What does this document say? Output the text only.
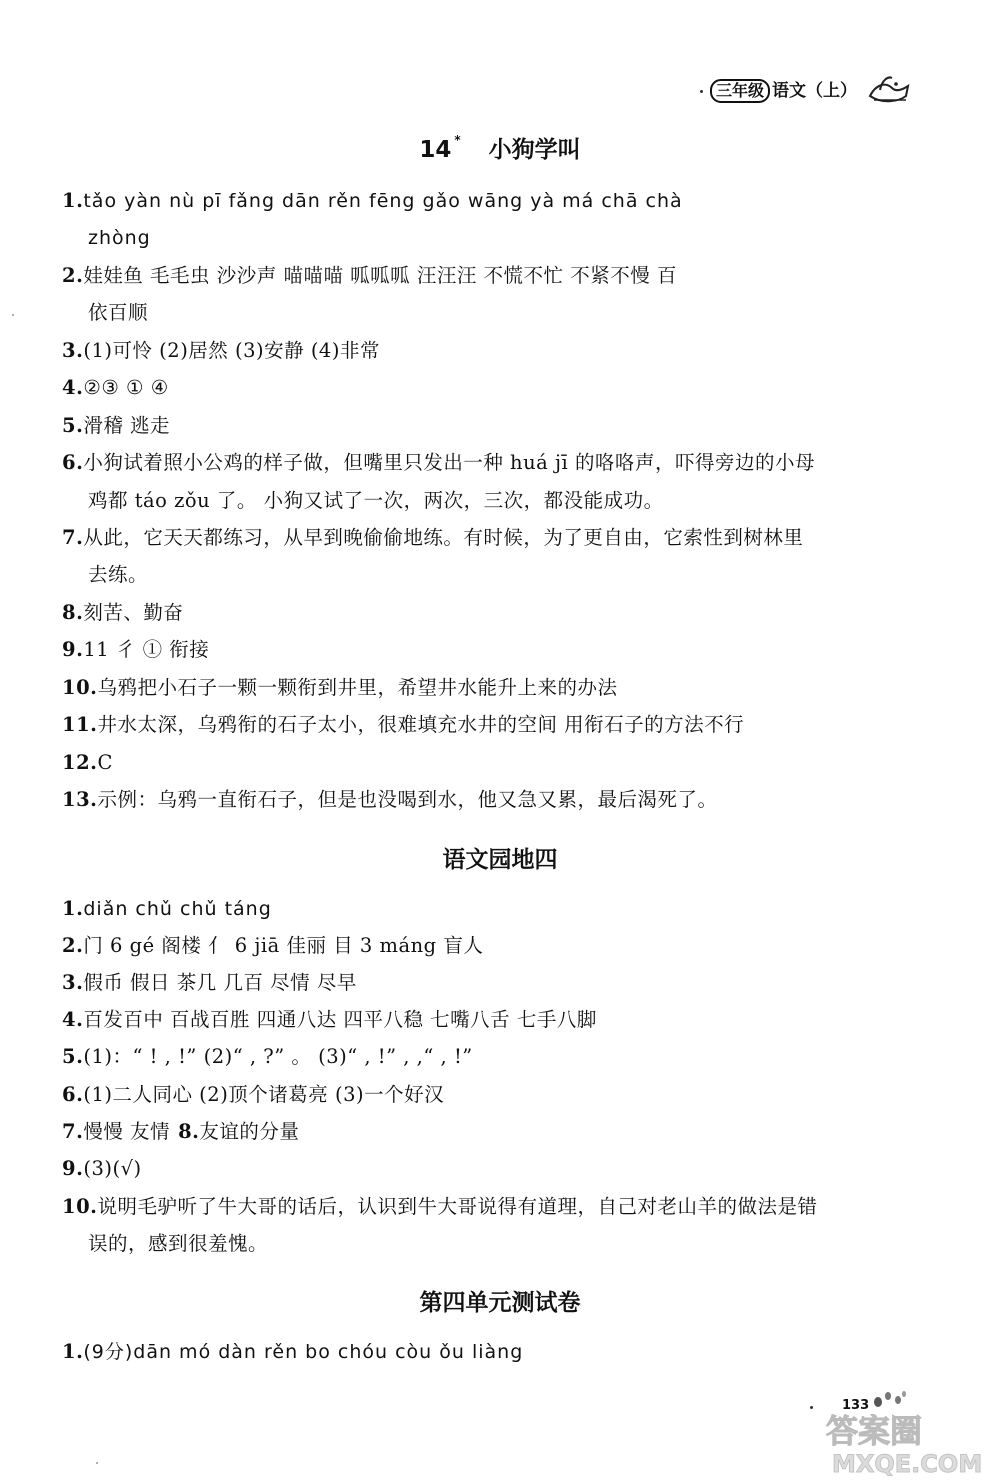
三年级 语文（上）
14 * 小狗学叫
1.tǎo yàn nù pī fǎng dān rěn fēng gǎo wāng yà má chā chà
zhòng
2.娃娃鱼 毛毛虫 沙沙声 喵喵喵 呱呱呱 汪汪汪 不慌不忙 不紧不慢 百
依百顺
3.(1)可怜 (2)居然 (3)安静 (4)非常
4.②③ ① ④
5.滑稽 逃走
6.小狗试着照小公鸡的样子做，但嘴里只发出一种 huá jī 的咯咯声，吓得旁边的小母
鸡都 táo zǒu 了。 小狗又试了一次，两次，三次，都没能成功。
7.从此，它天天都练习，从早到晚偷偷地练。有时候，为了更自由，它索性到树林里
去练。
8.刻苦、勤奋
9.11 彳 ① 衔接
10.乌鸦把小石子一颗一颗衔到井里，希望井水能升上来的办法
11.井水太深，乌鸦衔的石子太小，很难填充水井的空间 用衔石子的方法不行
12.C
13.示例：乌鸦一直衔石子，但是也没喝到水，他又急又累，最后渴死了。
语文园地四
1.diǎn chǔ chǔ táng
2.门 6 gé 阁楼 亻 6 jiā 佳丽 目 3 máng 盲人
3.假币 假日 茶几 几百 尽情 尽早
4.百发百中 百战百胜 四通八达 四平八稳 七嘴八舌 七手八脚
5.(1)：“ ! , !” (2)“ , ?” 。 (3)“ , !” , ,“ , !”
6.(1)二人同心 (2)顶个诸葛亮 (3)一个好汉
7.慢慢 友情 8.友谊的分量
9.(3)(√)
10.说明毛驴听了牛大哥的话后，认识到牛大哥说得有道理，自己对老山羊的做法是错
误的，感到很羞愧。
第四单元测试卷
1.(9分)dān mó dàn rěn bo chóu còu ǒu liàng
133
答案圈
MXQE.COM
